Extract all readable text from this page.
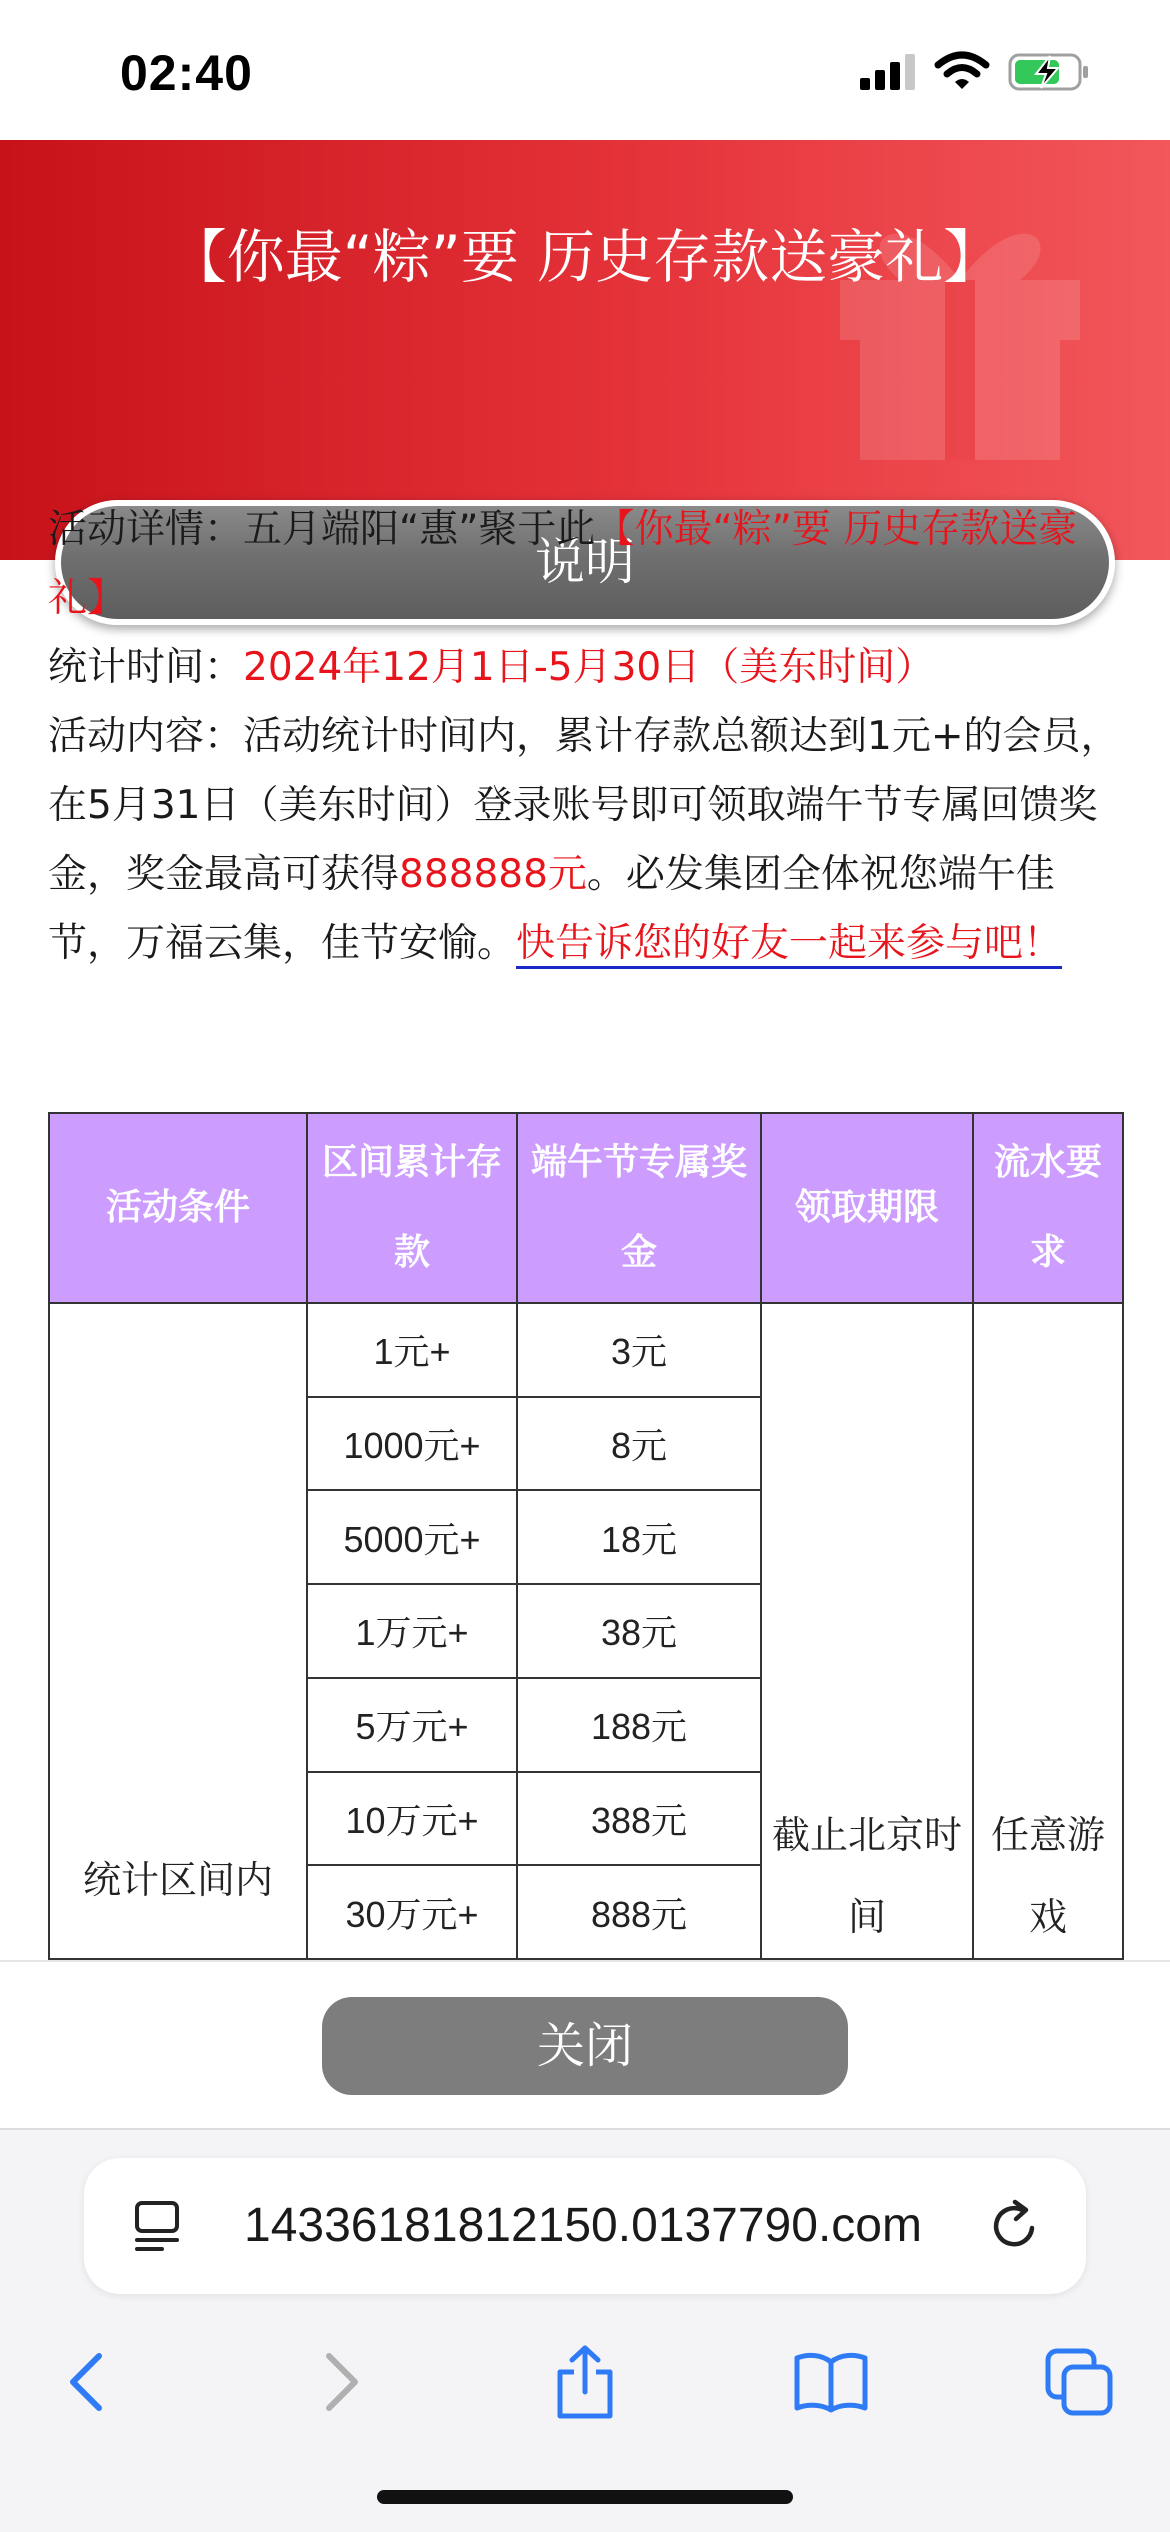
02:40
【你最“粽”要 历史存款送豪礼】
说明

活动详情：五月端阳“惠”聚于此【你最“粽”要 历史存款送豪礼】

统计时间：2024年12月1日-5月30日（美东时间）

活动内容：活动统计时间内，累计存款总额达到1元+的会员，在5月31日（美东时间）登录账号即可领取端午节专属回馈奖金，奖金最高可获得888888元。必发集团全体祝您端午佳节，万福云集，佳节安愉。快告诉您的好友一起来参与吧！

活动条件	区间累计存款	端午节专属奖金	领取期限	流水要求
统计区间内	1元+	3元	截止北京时间	任意游戏
	1000元+	8元		
	5000元+	18元		
	1万元+	38元		
	5万元+	188元		
	10万元+	388元		
	30万元+	888元		
关闭
14336181812150.0137790.com
